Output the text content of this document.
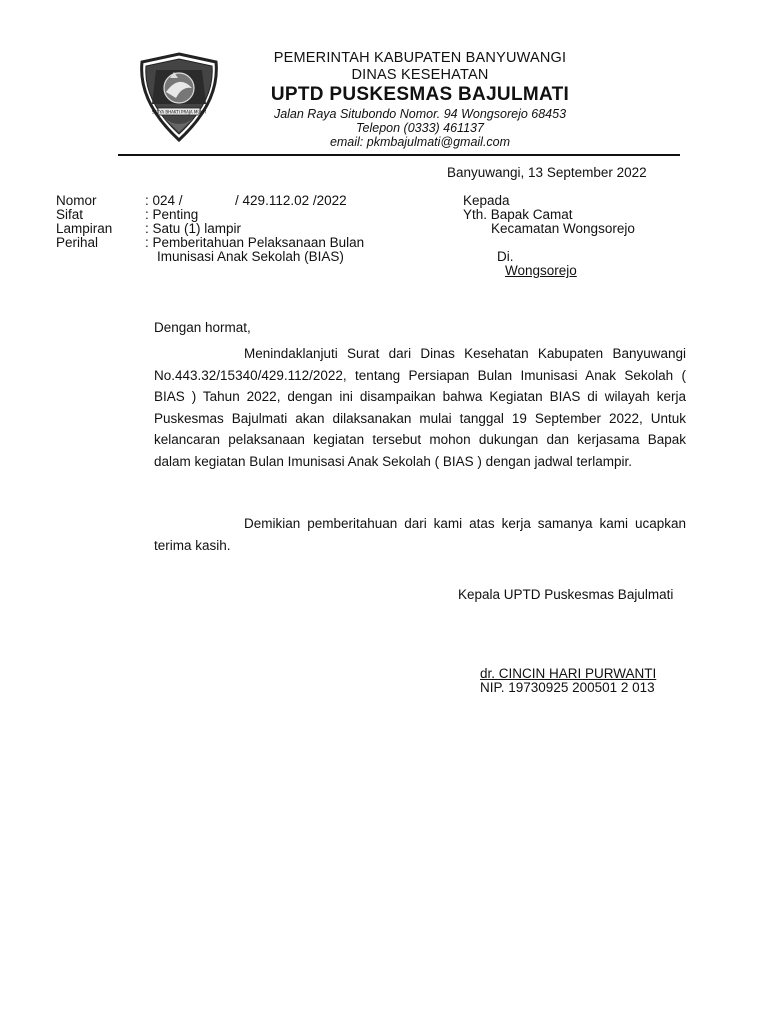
SATYA BHAKTI PRAJA MUKTI
PEMERINTAH KABUPATEN BANYUWANGI
DINAS KESEHATAN
UPTD PUSKESMAS BAJULMATI
Jalan Raya Situbondo Nomor. 94 Wongsorejo 68453
Telepon (0333) 461137
email: pkmbajulmati@gmail.com
Banyuwangi, 13 September 2022
Nomor	: 024 /              / 429.112.02 /2022
Sifat	: Penting
Lampiran : Satu (1) lampir
Perihal	: Pemberitahuan Pelaksanaan Bulan
Imunisasi Anak Sekolah (BIAS)
Kepada
Yth. Bapak Camat
Kecamatan Wongsorejo
Di.
Wongsorejo
Dengan hormat,
Menindaklanjuti Surat dari Dinas Kesehatan Kabupaten Banyuwangi No.443.32/15340/429.112/2022, tentang Persiapan Bulan Imunisasi Anak Sekolah ( BIAS ) Tahun 2022, dengan ini disampaikan bahwa Kegiatan BIAS di wilayah kerja Puskesmas Bajulmati akan dilaksanakan mulai tanggal 19 September 2022, Untuk kelancaran pelaksanaan kegiatan tersebut mohon dukungan dan kerjasama Bapak dalam kegiatan Bulan Imunisasi Anak Sekolah ( BIAS ) dengan jadwal terlampir.
Demikian pemberitahuan dari kami atas kerja samanya kami ucapkan terima kasih.
Kepala UPTD Puskesmas Bajulmati
dr. CINCIN HARI PURWANTI
NIP. 19730925 200501 2 013
